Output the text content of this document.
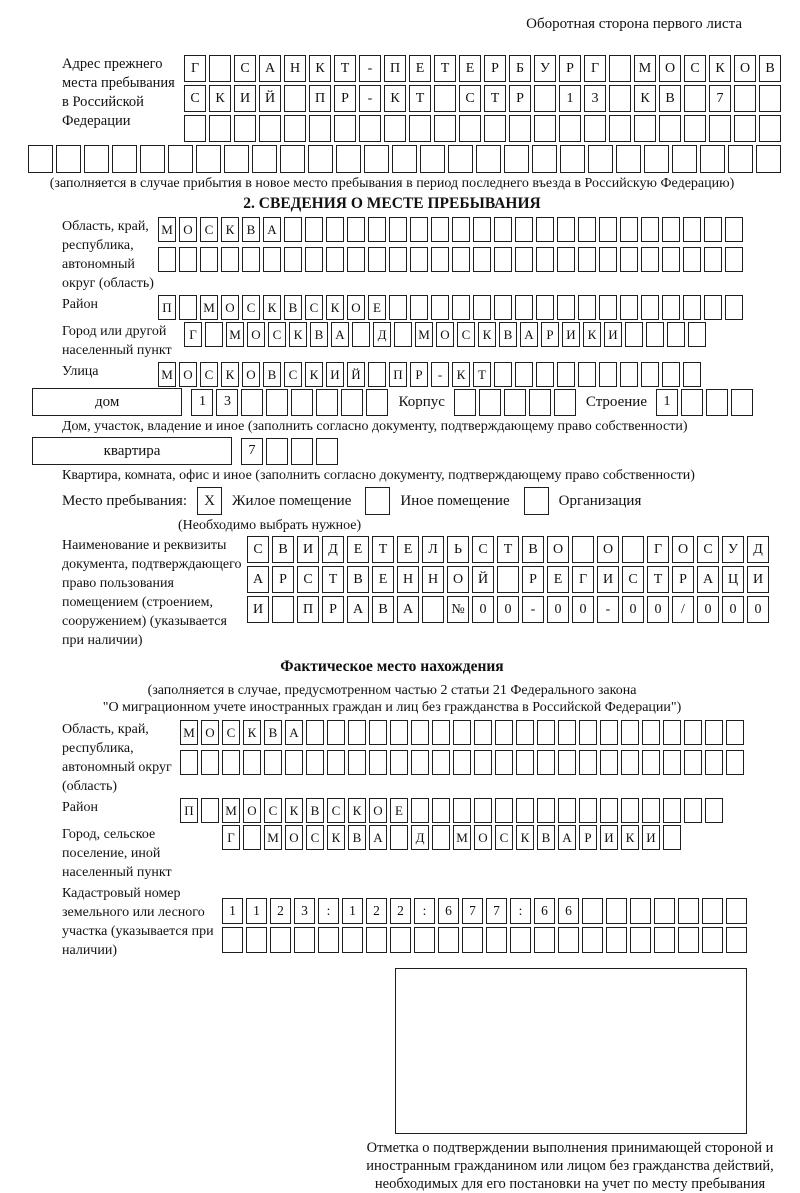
Оборотная сторона первого листа
Адрес прежнего места пребывания в Российской Федерации
Г	С	А	Н	К	Т	-	П	Е	Т	Е	Р	Б	У	Р	Г	М О	С	К	О	В
С	К	И	Й	П	Р	-	К	Т	С	Т	Р	1	3	К	В	7
(заполняется в случае прибытия в новое место пребывания в период последнего въезда в Российскую Федерацию)
2. СВЕДЕНИЯ О МЕСТЕ ПРЕБЫВАНИЯ
Область, край, республика, автономный округ (область)
М О С К В А
Район	П	М О С К В С К О Е
Город или другой населенный пункт
Г	М О С К В А	Д	М О С К В А Р И К И
Улица	М О С К О В С К И Й	П Р	-	К Т
дом	1	3	Корпус	Строение	1
Дом, участок, владение и иное (заполнить согласно документу, подтверждающему право собственности)
квартира	7
Квартира, комната, офис и иное (заполнить согласно документу, подтверждающему право собственности)
Место пребывания:	X	Жилое помещение	Иное помещение	Организация
(Необходимо выбрать нужное)
Наименование и реквизиты документа, подтверждающего право пользования помещением (строением, сооружением) (указывается при наличии)
С	В	И	Д	Е	Т	Е	Л	Ь	С	Т	В	О	О	Г	О	С	У	Д
А	Р	С	Т	В	Е	Н	Н	О	Й	Р	Е	Г	И	С	Т	Р	А	Ц	И
И	П	Р	А	В	А	№	0	0	-	0	0	-	0	0	/	0	0	0
Фактическое место нахождения
(заполняется в случае, предусмотренном частью 2 статьи 21 Федерального закона
"О миграционном учете иностранных граждан и лиц без гражданства в Российской Федерации")
Область, край, республика, автономный округ (область)
М О С К В А
Район	П	М О С К В С К О Е
Город, сельское поселение, иной населенный пункт
Г	М О С К В А	Д	М О С К В А Р И К И
Кадастровый номер земельного или лесного участка (указывается при наличии)
1	1	2	3	:	1	2	2	:	6	7	7	:	6	6
Отметка о подтверждении выполнения принимающей стороной и иностранным гражданином или лицом без гражданства действий, необходимых для его постановки на учет по месту пребывания
